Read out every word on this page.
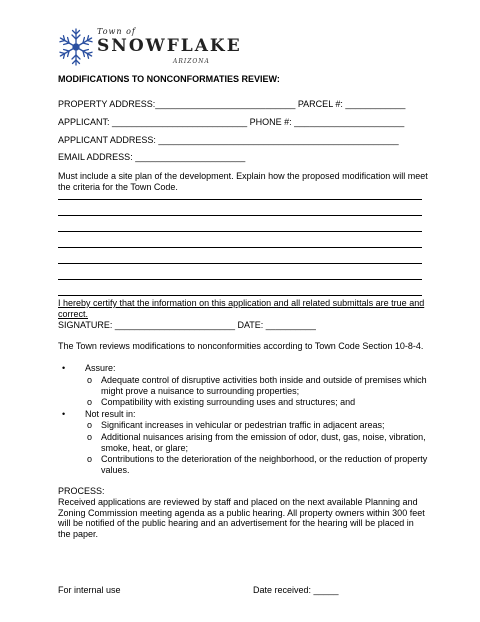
Town of
SNOWFLAKE
ARIZONA
MODIFICATIONS TO NONCONFORMATIES REVIEW:
PROPERTY ADDRESS:____________________________ PARCEL #: ____________
APPLICANT: ___________________________ PHONE #: ______________________
APPLICANT ADDRESS: ________________________________________________
EMAIL ADDRESS: ______________________
Must include a site plan of the development. Explain how the proposed modification will meet the criteria for the Town Code.
I hereby certify that the information on this application and all related submittals are true and correct.
SIGNATURE: ________________________ DATE: __________
The Town reviews modifications to nonconformities according to Town Code Section 10-8-4.
• Assure:
o Adequate control of disruptive activities both inside and outside of premises which might prove a nuisance to surrounding properties;
o Compatibility with existing surrounding uses and structures; and
• Not result in:
o Significant increases in vehicular or pedestrian traffic in adjacent areas;
o Additional nuisances arising from the emission of odor, dust, gas, noise, vibration, smoke, heat, or glare;
o Contributions to the deterioration of the neighborhood, or the reduction of property values.
PROCESS:
Received applications are reviewed by staff and placed on the next available Planning and Zoning Commission meeting agenda as a public hearing. All property owners within 300 feet will be notified of the public hearing and an advertisement for the hearing will be placed in the paper.
For internal use	Date received: _____
